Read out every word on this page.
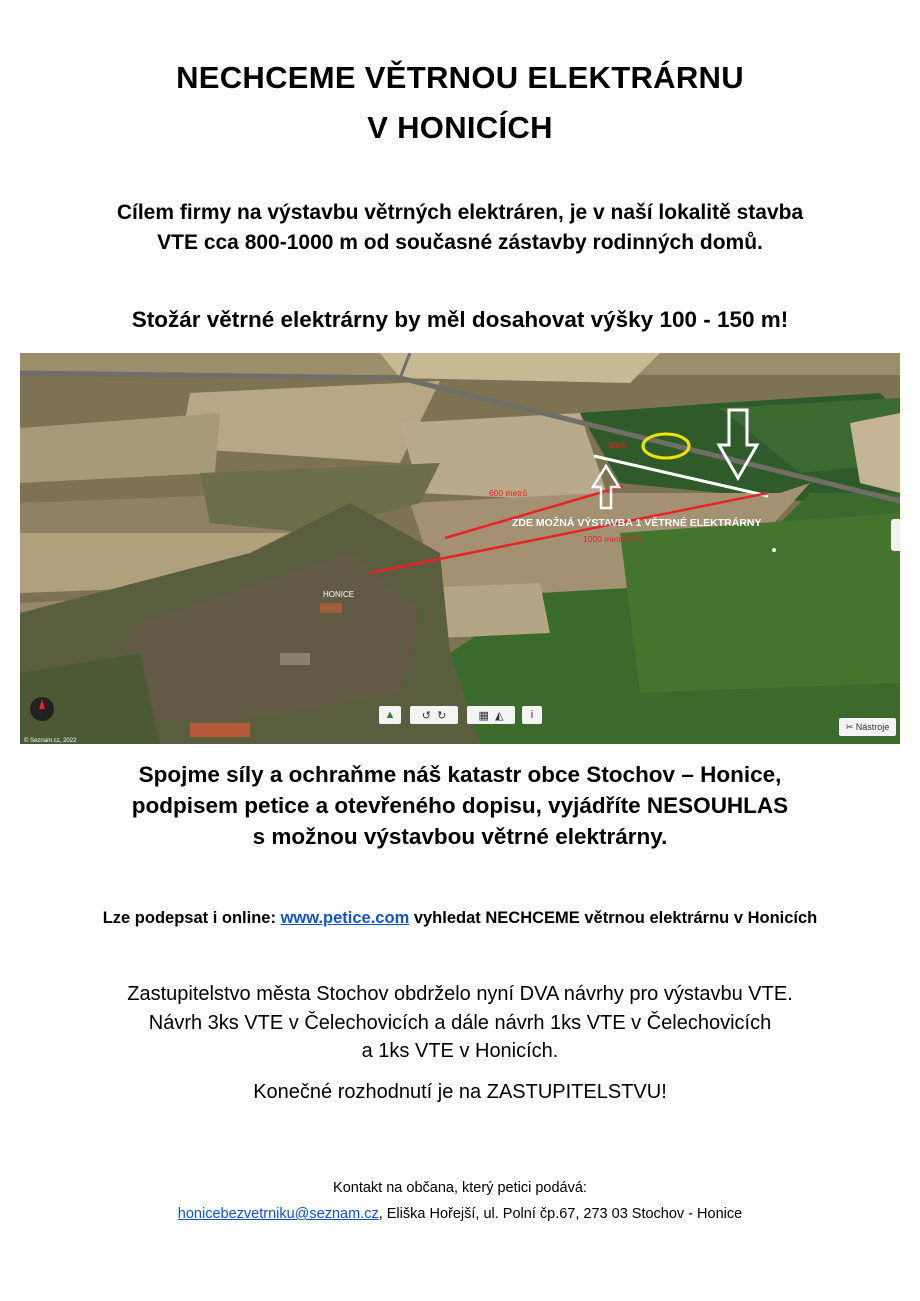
NECHCEME VĚTRNOU ELEKTRÁRNU
V HONICÍCH
Cílem firmy na výstavbu větrných elektráren, je v naší lokalitě stavba
VTE cca 800-1000 m od současné zástavby rodinných domů.
Stožár větrné elektrárny by měl dosahovat výšky 100 - 150 m!
Shell
600 metrů
ZDE MOŽNÁ VÝSTAVBA 1 VĚTRNÉ ELEKTRÁRNY
1000 metrů ???
HONICE
© Seznam.cz, 2022
▲ ↺
↻	▦
◭ i
✂
Nástroje
Spojme síly a ochraňme náš katastr obce Stochov – Honice,
podpisem petice a otevřeného dopisu, vyjádříte NESOUHLAS
s možnou výstavbou větrné elektrárny.
Lze podepsat i online: www.petice.com vyhledat NECHCEME větrnou elektrárnu v Honicích
Zastupitelstvo města Stochov obdrželo nyní DVA návrhy pro výstavbu VTE.
Návrh 3ks VTE v Čelechovicích a dále návrh 1ks VTE v Čelechovicích
a 1ks VTE v Honicích.
Konečné rozhodnutí je na ZASTUPITELSTVU!
Kontakt na občana, který petici podává:
honicebezvetrniku@seznam.cz, Eliška Hořejší, ul. Polní čp.67, 273 03 Stochov - Honice
